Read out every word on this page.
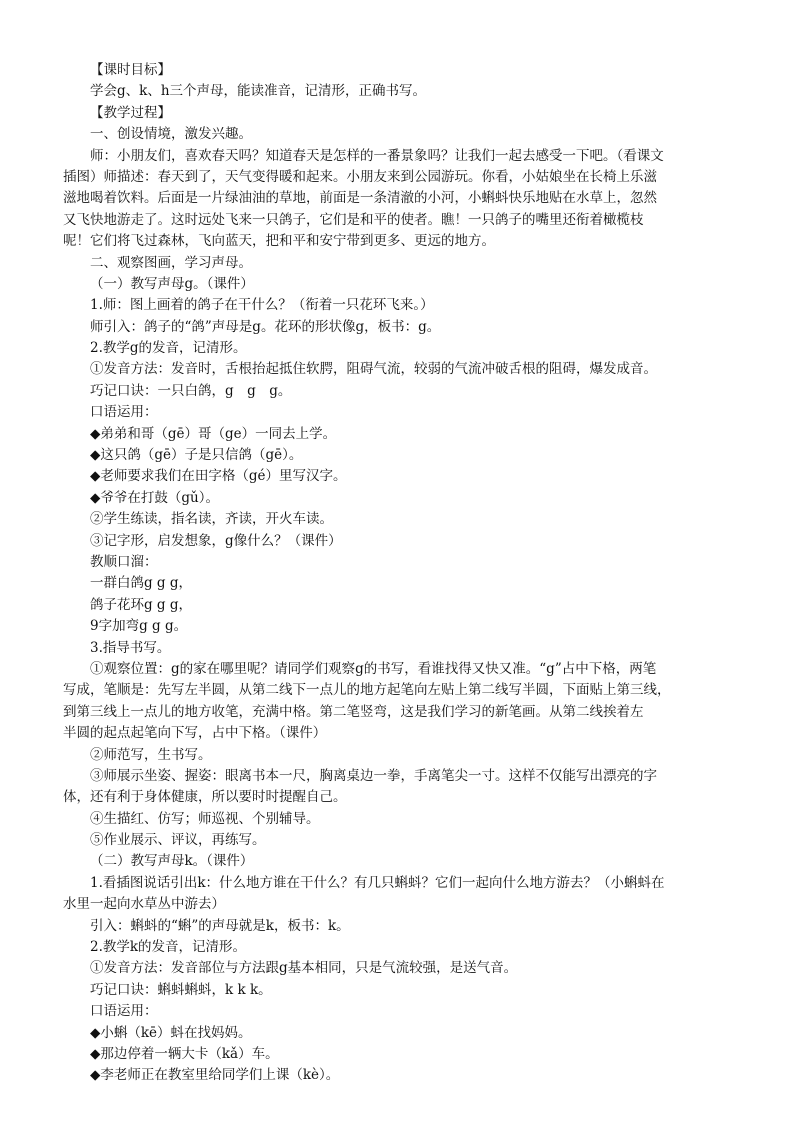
【课时目标】
学会g、k、h三个声母，能读准音，记清形，正确书写。
【教学过程】
一、创设情境，激发兴趣。
师：小朋友们，喜欢春天吗？知道春天是怎样的一番景象吗？让我们一起去感受一下吧。（看课文
插图）师描述：春天到了，天气变得暖和起来。小朋友来到公园游玩。你看，小姑娘坐在长椅上乐滋
滋地喝着饮料。后面是一片绿油油的草地，前面是一条清澈的小河，小蝌蚪快乐地贴在水草上，忽然
又飞快地游走了。这时远处飞来一只鸽子，它们是和平的使者。瞧！一只鸽子的嘴里还衔着橄榄枝
呢！它们将飞过森林，飞向蓝天，把和平和安宁带到更多、更远的地方。
二、观察图画，学习声母。
（一）教写声母g。（课件）
1.师：图上画着的鸽子在干什么？（衔着一只花环飞来。）
师引入：鸽子的“鸽”声母是g。花环的形状像g，板书：g。
2.教学g的发音，记清形。
①发音方法：发音时，舌根抬起抵住软腭，阻碍气流，较弱的气流冲破舌根的阻碍，爆发成音。
巧记口诀：一只白鸽，g　g　g。
口语运用：
◆弟弟和哥（gē）哥（ge）一同去上学。
◆这只鸽（gē）子是只信鸽（gē）。
◆老师要求我们在田字格（gé）里写汉字。
◆爷爷在打鼓（gǔ）。
②学生练读，指名读，齐读，开火车读。
③记字形，启发想象，g像什么？（课件）
教顺口溜：
一群白鸽g g g，
鸽子花环g g g，
9字加弯g g g。
3.指导书写。
①观察位置：g的家在哪里呢？请同学们观察g的书写，看谁找得又快又准。“g”占中下格，两笔
写成，笔顺是：先写左半圆，从第二线下一点儿的地方起笔向左贴上第二线写半圆，下面贴上第三线，
到第三线上一点儿的地方收笔，充满中格。第二笔竖弯，这是我们学习的新笔画。从第二线挨着左
半圆的起点起笔向下写，占中下格。（课件）
②师范写，生书写。
③师展示坐姿、握姿：眼离书本一尺，胸离桌边一拳，手离笔尖一寸。这样不仅能写出漂亮的字
体，还有利于身体健康，所以要时时提醒自己。
④生描红、仿写；师巡视、个别辅导。
⑤作业展示、评议，再练写。
（二）教写声母k。（课件）
1.看插图说话引出k：什么地方谁在干什么？有几只蝌蚪？它们一起向什么地方游去？（小蝌蚪在
水里一起向水草丛中游去）
引入：蝌蚪的“蝌”的声母就是k，板书：k。
2.教学k的发音，记清形。
①发音方法：发音部位与方法跟g基本相同，只是气流较强，是送气音。
巧记口诀：蝌蚪蝌蚪，k k k。
口语运用：
◆小蝌（kē）蚪在找妈妈。
◆那边停着一辆大卡（kǎ）车。
◆李老师正在教室里给同学们上课（kè）。
